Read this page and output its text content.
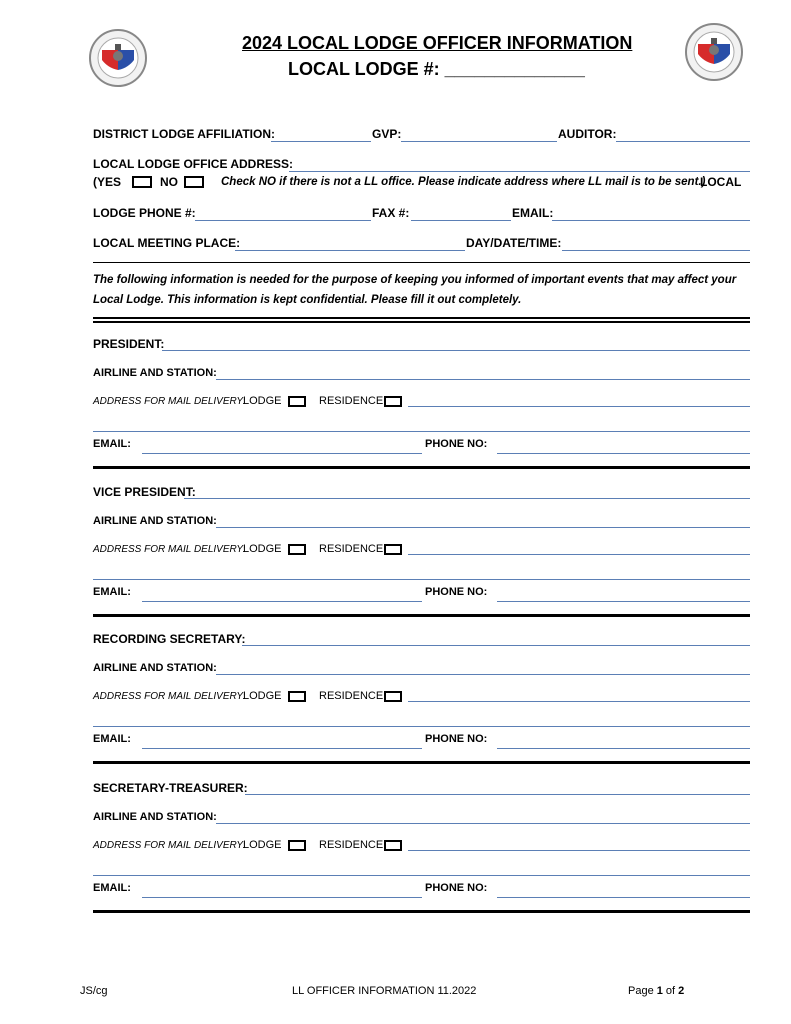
2024 LOCAL LODGE OFFICER INFORMATION
LOCAL LODGE #: ______________
DISTRICT LODGE AFFILIATION:	GVP:	AUDITOR:
LOCAL LODGE OFFICE ADDRESS:
(YES	NO	Check NO if there is not a LL office. Please indicate address where LL mail is to be sent.)
LOCAL
LODGE PHONE #:	FAX #:	EMAIL:
LOCAL MEETING PLACE:	DAY/DATE/TIME:
The following information is needed for the purpose of keeping you informed of important events that may affect your Local Lodge. This information is kept confidential. Please fill it out completely.
PRESIDENT:
AIRLINE AND STATION:
ADDRESS FOR MAIL DELIVERY:
LODGE	RESIDENCE
EMAIL:	PHONE NO:
VICE PRESIDENT:
AIRLINE AND STATION:
ADDRESS FOR MAIL DELIVERY:
LODGE	RESIDENCE
EMAIL:	PHONE NO:
RECORDING SECRETARY:
AIRLINE AND STATION:
ADDRESS FOR MAIL DELIVERY:
LODGE	RESIDENCE
EMAIL:	PHONE NO:
SECRETARY-TREASURER:
AIRLINE AND STATION:
ADDRESS FOR MAIL DELIVERY:
LODGE	RESIDENCE
EMAIL:	PHONE NO:
JS/cg	LL OFFICER INFORMATION 11.2022	Page 1 of 2
